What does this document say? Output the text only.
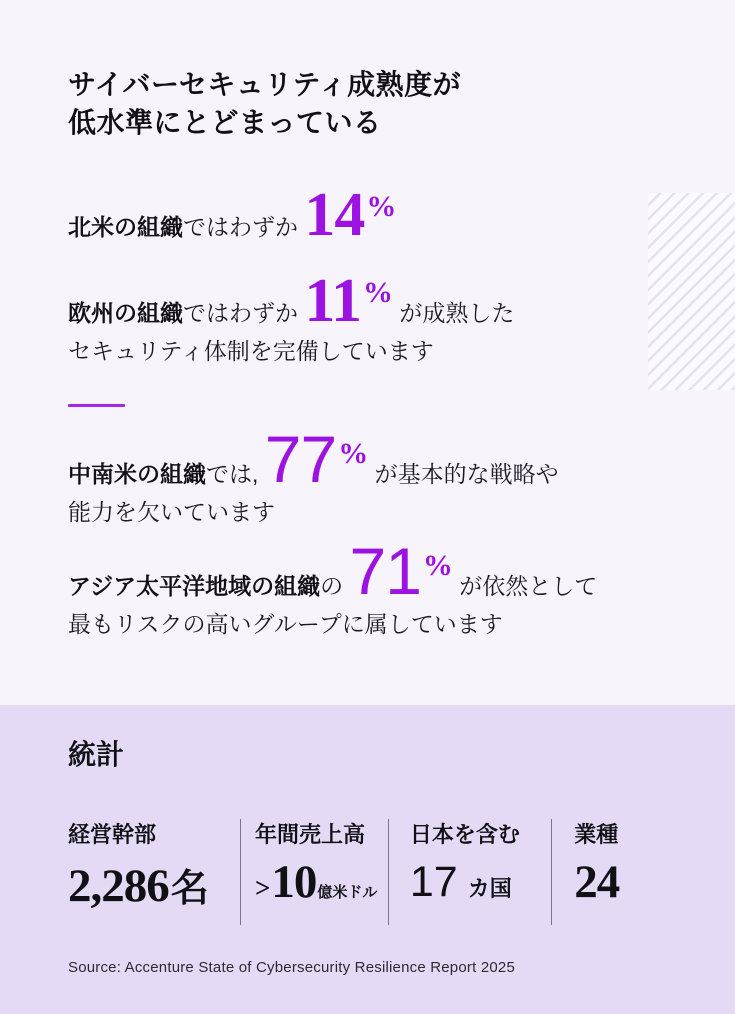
サイバーセキュリティ成熟度が
低水準にとどまっている

北米の組織ではわずか 14%

欧州の組織ではわずか 11% が成熟した

セキュリティ体制を完備しています

中南米の組織では, 77% が基本的な戦略や

能力を欠いています

アジア太平洋地域の組織の 71% が依然として

最もリスクの高いグループに属しています

統計
経営幹部
2,286 名
年間売上高
> 10 億米ドル
日本を含む
17 カ国
業種
24
Source: Accenture State of Cybersecurity Resilience Report 2025
